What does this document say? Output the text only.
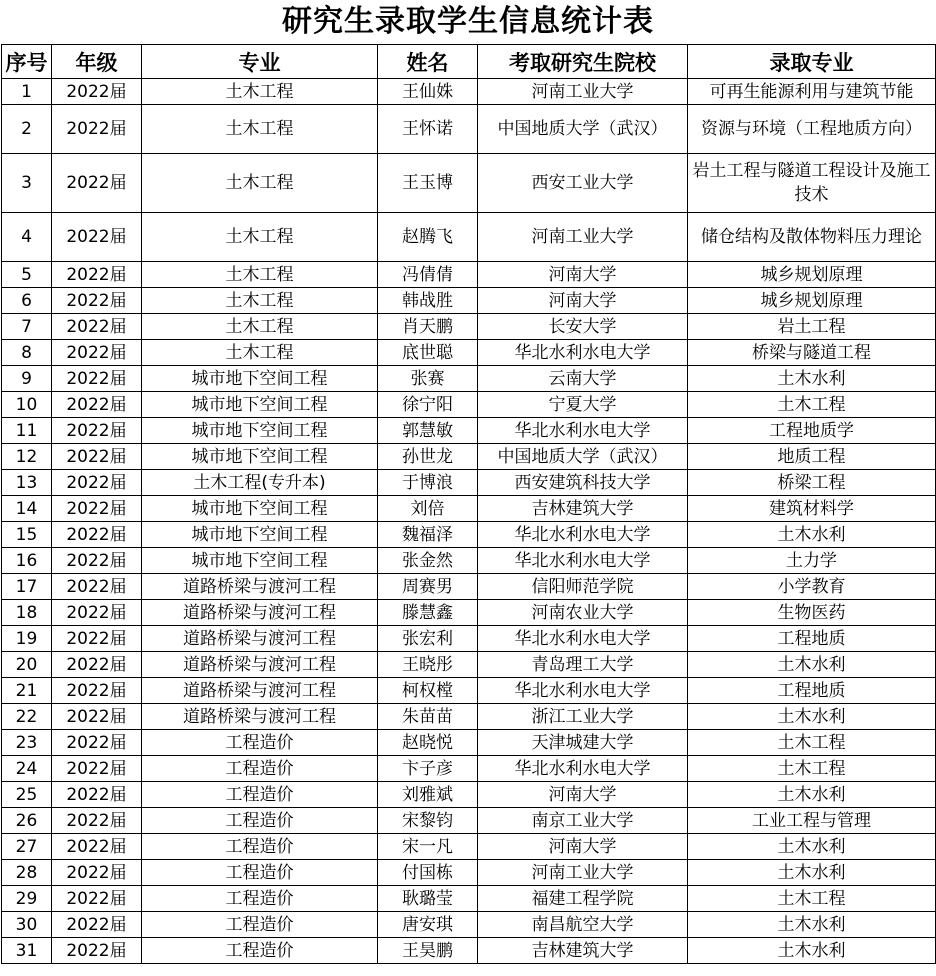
研究生录取学生信息统计表
序号	年级	专业	姓名	考取研究生院校	录取专业
1	2022届	土木工程	王仙姝	河南工业大学	可再生能源利用与建筑节能
2	2022届	土木工程	王怀诺	中国地质大学（武汉）	资源与环境（工程地质方向）
3	2022届	土木工程	王玉博	西安工业大学	岩土工程与隧道工程设计及施工技术
4	2022届	土木工程	赵腾飞	河南工业大学	储仓结构及散体物料压力理论
5	2022届	土木工程	冯倩倩	河南大学	城乡规划原理
6	2022届	土木工程	韩战胜	河南大学	城乡规划原理
7	2022届	土木工程	肖天鹏	长安大学	岩土工程
8	2022届	土木工程	底世聪	华北水利水电大学	桥梁与隧道工程
9	2022届	城市地下空间工程	张赛	云南大学	土木水利
10	2022届	城市地下空间工程	徐宁阳	宁夏大学	土木工程
11	2022届	城市地下空间工程	郭慧敏	华北水利水电大学	工程地质学
12	2022届	城市地下空间工程	孙世龙	中国地质大学（武汉）	地质工程
13	2022届	土木工程(专升本)	于博浪	西安建筑科技大学	桥梁工程
14	2022届	城市地下空间工程	刘倍	吉林建筑大学	建筑材料学
15	2022届	城市地下空间工程	魏福泽	华北水利水电大学	土木水利
16	2022届	城市地下空间工程	张金然	华北水利水电大学	土力学
17	2022届	道路桥梁与渡河工程	周赛男	信阳师范学院	小学教育
18	2022届	道路桥梁与渡河工程	滕慧鑫	河南农业大学	生物医药
19	2022届	道路桥梁与渡河工程	张宏利	华北水利水电大学	工程地质
20	2022届	道路桥梁与渡河工程	王晓彤	青岛理工大学	土木水利
21	2022届	道路桥梁与渡河工程	柯权樘	华北水利水电大学	工程地质
22	2022届	道路桥梁与渡河工程	朱苗苗	浙江工业大学	土木水利
23	2022届	工程造价	赵晓悦	天津城建大学	土木工程
24	2022届	工程造价	卞子彦	华北水利水电大学	土木工程
25	2022届	工程造价	刘雅斌	河南大学	土木水利
26	2022届	工程造价	宋黎钧	南京工业大学	工业工程与管理
27	2022届	工程造价	宋一凡	河南大学	土木水利
28	2022届	工程造价	付国栋	河南工业大学	土木水利
29	2022届	工程造价	耿璐莹	福建工程学院	土木工程
30	2022届	工程造价	唐安琪	南昌航空大学	土木水利
31	2022届	工程造价	王昊鹏	吉林建筑大学	土木水利
